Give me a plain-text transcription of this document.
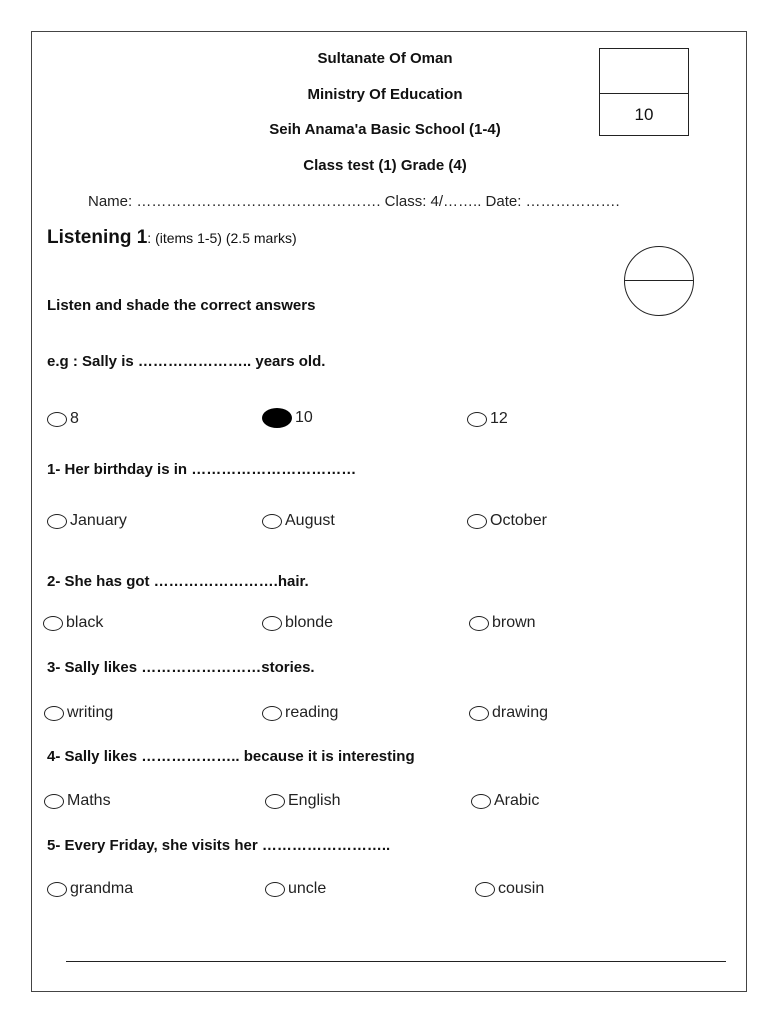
Sultanate Of Oman
Ministry Of Education
Seih Anama'a Basic School (1-4)
Class test (1) Grade (4)
10
Name: …………………………………………. Class: 4/…….. Date: ……………….
Listening 1: (items 1-5) (2.5 marks)
Listen and shade the correct answers
e.g : Sally is ………………….. years old.
8	10	12
1- Her birthday is in ……………………………
January	August	October
2- She has got …………………….hair.
black	blonde	brown
3- Sally likes ……………………stories.
writing	reading	drawing
4- Sally likes ……………….. because it is interesting
Maths	English	Arabic
5- Every Friday, she visits her ……………………..
grandma	uncle	cousin
